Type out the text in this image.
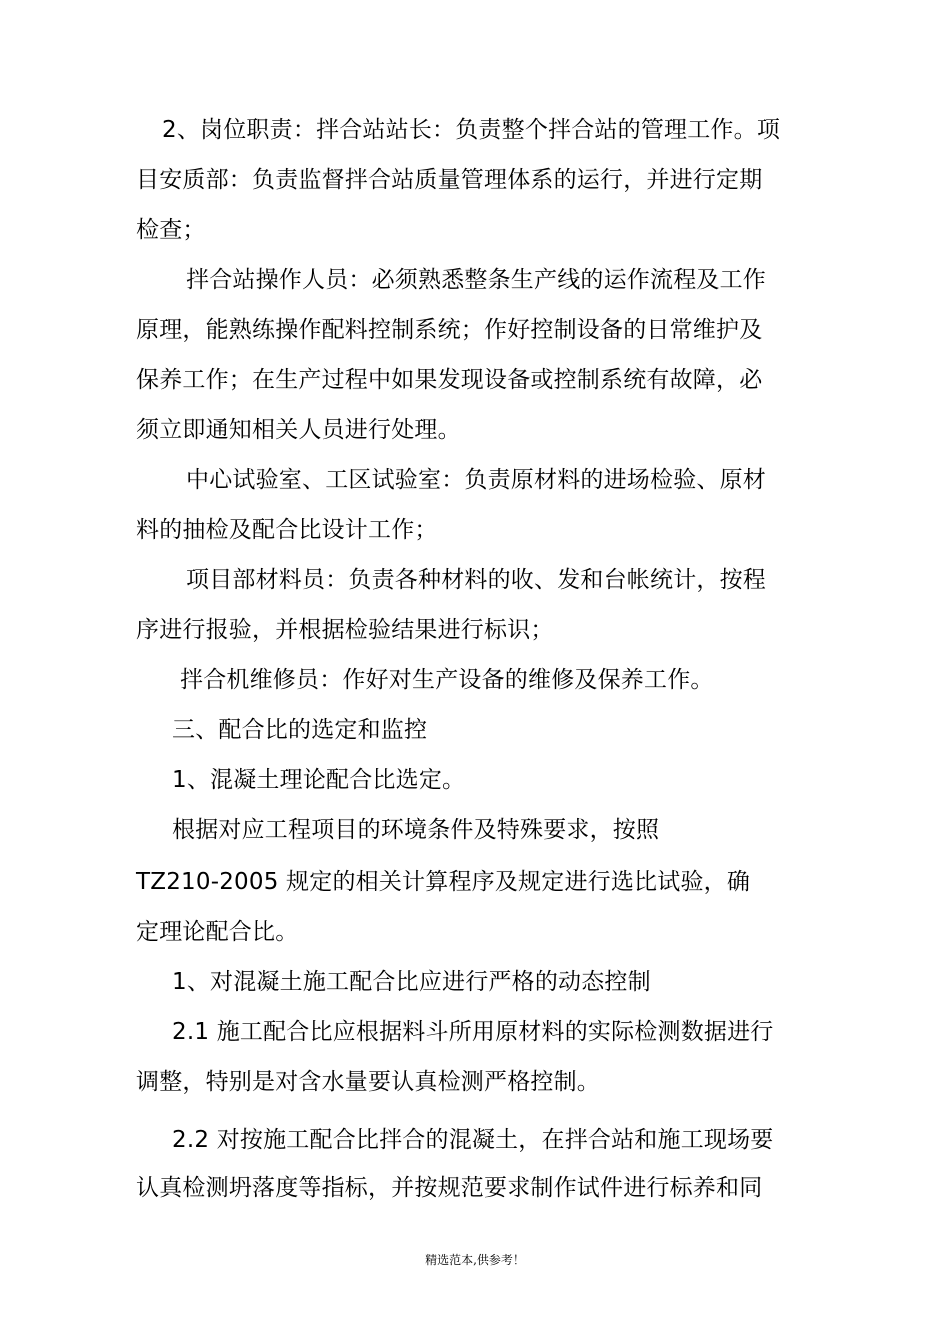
2、岗位职责：拌合站站长：负责整个拌合站的管理工作。项
目安质部：负责监督拌合站质量管理体系的运行，并进行定期
检查；
拌合站操作人员：必须熟悉整条生产线的运作流程及工作
原理，能熟练操作配料控制系统；作好控制设备的日常维护及
保养工作；在生产过程中如果发现设备或控制系统有故障，必
须立即通知相关人员进行处理。
中心试验室、工区试验室：负责原材料的进场检验、原材
料的抽检及配合比设计工作；
项目部材料员：负责各种材料的收、发和台帐统计，按程
序进行报验，并根据检验结果进行标识；
拌合机维修员：作好对生产设备的维修及保养工作。
三、配合比的选定和监控
1、混凝土理论配合比选定。
根据对应工程项目的环境条件及特殊要求，按照
TZ210-2005 规定的相关计算程序及规定进行选比试验，确
定理论配合比。
1、对混凝土施工配合比应进行严格的动态控制
2.1 施工配合比应根据料斗所用原材料的实际检测数据进行
调整，特别是对含水量要认真检测严格控制。
2.2 对按施工配合比拌合的混凝土，在拌合站和施工现场要
认真检测坍落度等指标，并按规范要求制作试件进行标养和同
精选范本,供参考！
